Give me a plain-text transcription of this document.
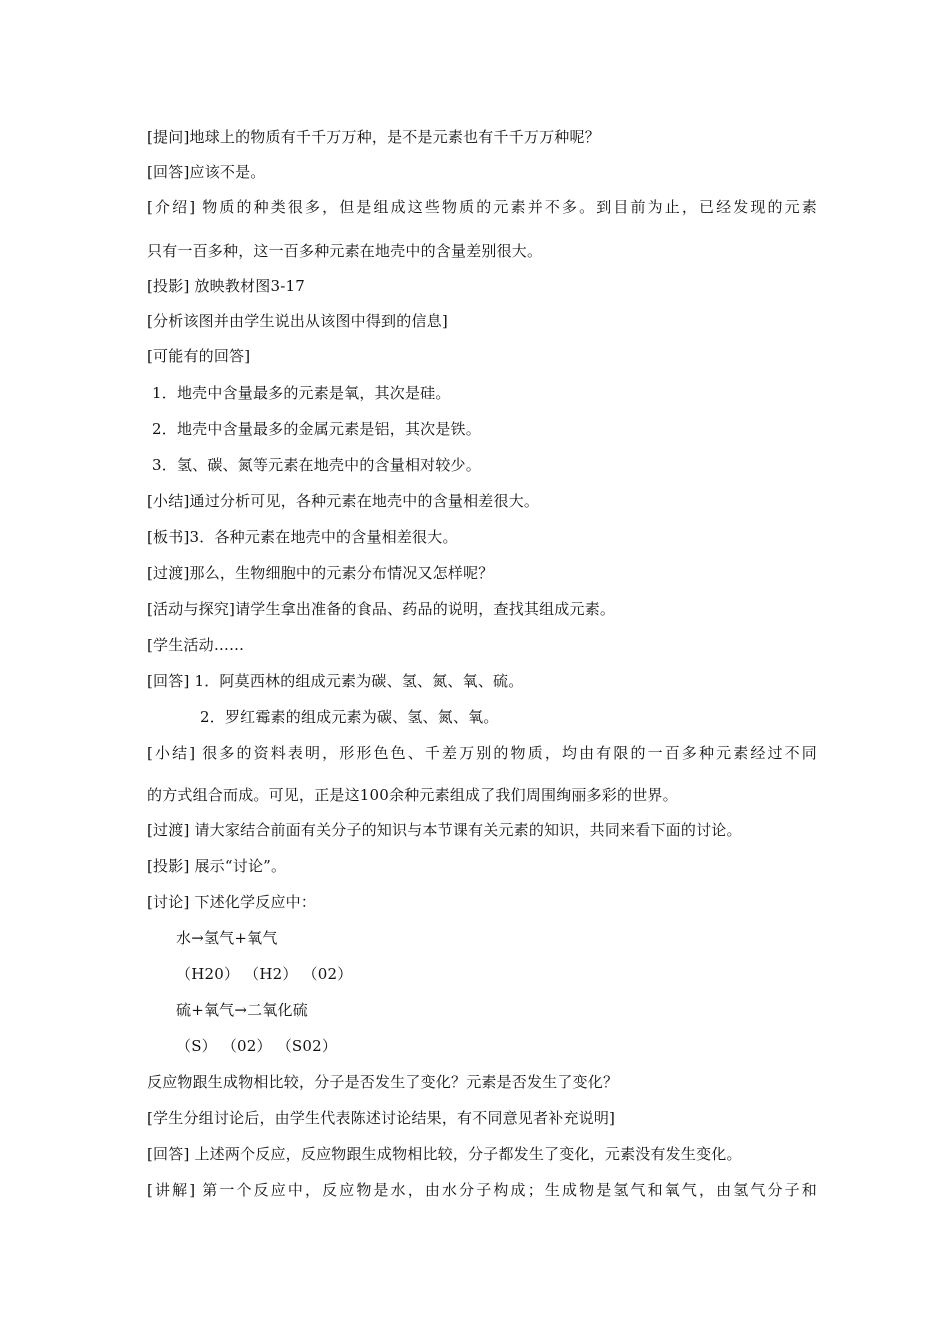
[提问]地球上的物质有千千万万种，是不是元素也有千千万万种呢？
[回答]应该不是。
[介绍] 物质的种类很多，但是组成这些物质的元素并不多。到目前为止，已经发现的元素
只有一百多种，这一百多种元素在地壳中的含量差别很大。
[投影] 放映教材图3-17
[分析该图并由学生说出从该图中得到的信息]
[可能有的回答]
1．地壳中含量最多的元素是氧，其次是硅。
2．地壳中含量最多的金属元素是铝，其次是铁。
3．氢、碳、氮等元素在地壳中的含量相对较少。
[小结]通过分析可见，各种元素在地壳中的含量相差很大。
[板书]3．各种元素在地壳中的含量相差很大。
[过渡]那么，生物细胞中的元素分布情况又怎样呢？
[活动与探究]请学生拿出准备的食品、药品的说明，查找其组成元素。
[学生活动……
[回答] 1．阿莫西林的组成元素为碳、氢、氮、氧、硫。
2．罗红霉素的组成元素为碳、氢、氮、氧。
[小结] 很多的资料表明，形形色色、千差万别的物质，均由有限的一百多种元素经过不同
的方式组合而成。可见，正是这100余种元素组成了我们周围绚丽多彩的世界。
[过渡] 请大家结合前面有关分子的知识与本节课有关元素的知识，共同来看下面的讨论。
[投影] 展示“讨论”。
[讨论] 下述化学反应中：
水→氢气+氧气
（H20） （H2） （02）
硫+氧气→二氧化硫
（S） （02） （S02）
反应物跟生成物相比较，分子是否发生了变化？元素是否发生了变化？
[学生分组讨论后，由学生代表陈述讨论结果，有不同意见者补充说明]
[回答] 上述两个反应，反应物跟生成物相比较，分子都发生了变化，元素没有发生变化。
[讲解] 第一个反应中，反应物是水，由水分子构成；生成物是氢气和氧气，由氢气分子和
